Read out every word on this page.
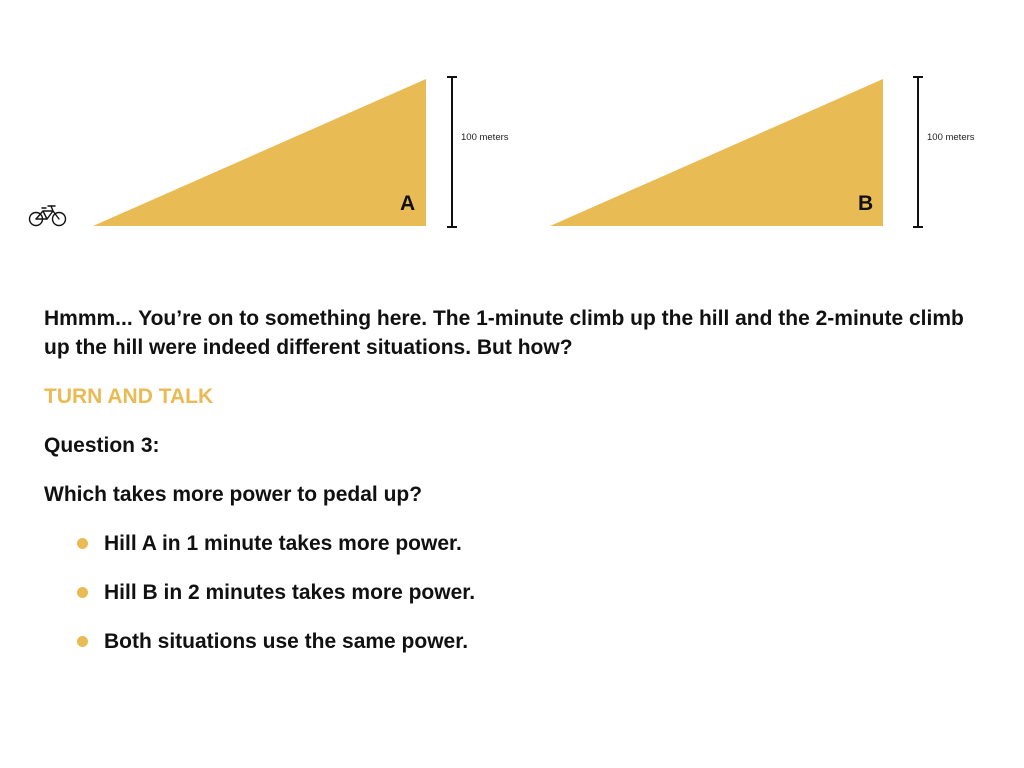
A
100 meters
B
100 meters
Hmmm... You’re on to something here. The 1-minute climb up the hill and the 2-minute climb up the hill were indeed different situations. But how?
TURN AND TALK
Question 3:
Which takes more power to pedal up?
Hill A in 1 minute takes more power.
Hill B in 2 minutes takes more power.
Both situations use the same power.
